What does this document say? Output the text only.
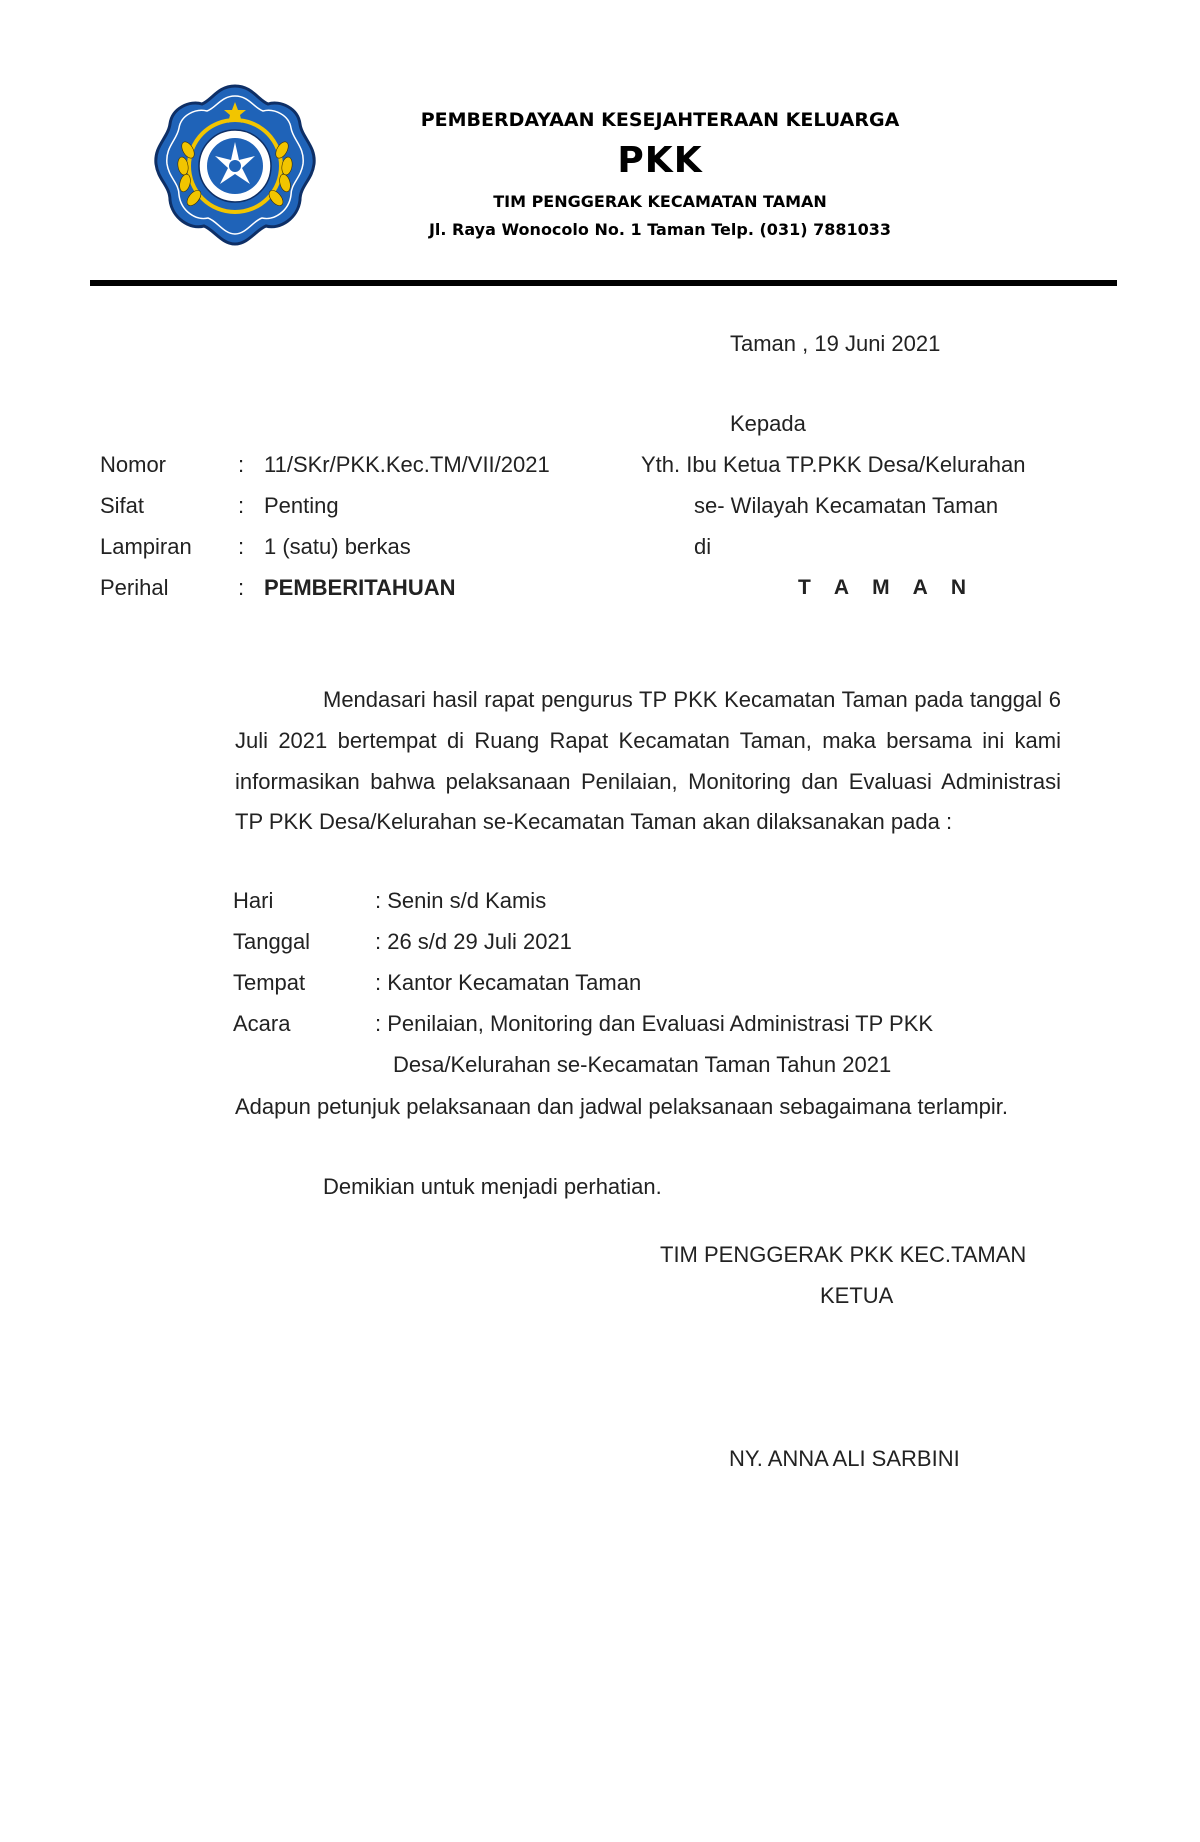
PEMBERDAYAAN KESEJAHTERAAN KELUARGA
PKK
TIM PENGGERAK KECAMATAN TAMAN
Jl. Raya Wonocolo No. 1 Taman Telp. (031) 7881033
Taman , 19 Juni 2021
Kepada
Yth. Ibu Ketua TP.PKK Desa/Kelurahan
se- Wilayah Kecamatan Taman
di
T A M A N
Nomor	: 11/SKr/PKK.Kec.TM/VII/2021
Sifat	: Penting
Lampiran : 1 (satu) berkas
Perihal	: PEMBERITAHUAN
Mendasari hasil rapat pengurus TP PKK Kecamatan Taman pada tanggal 6 Juli 2021 bertempat di Ruang Rapat Kecamatan Taman, maka bersama ini kami informasikan bahwa pelaksanaan Penilaian, Monitoring dan Evaluasi Administrasi TP PKK Desa/Kelurahan se-Kecamatan Taman akan dilaksanakan pada :
Hari	: Senin s/d Kamis
Tanggal	: 26 s/d 29 Juli 2021
Tempat	: Kantor Kecamatan Taman
Acara	: Penilaian, Monitoring dan Evaluasi Administrasi TP PKK
Desa/Kelurahan se-Kecamatan Taman Tahun 2021
Adapun petunjuk pelaksanaan dan jadwal pelaksanaan sebagaimana terlampir.
Demikian untuk menjadi perhatian.
TIM PENGGERAK PKK KEC.TAMAN
KETUA
NY. ANNA ALI SARBINI
